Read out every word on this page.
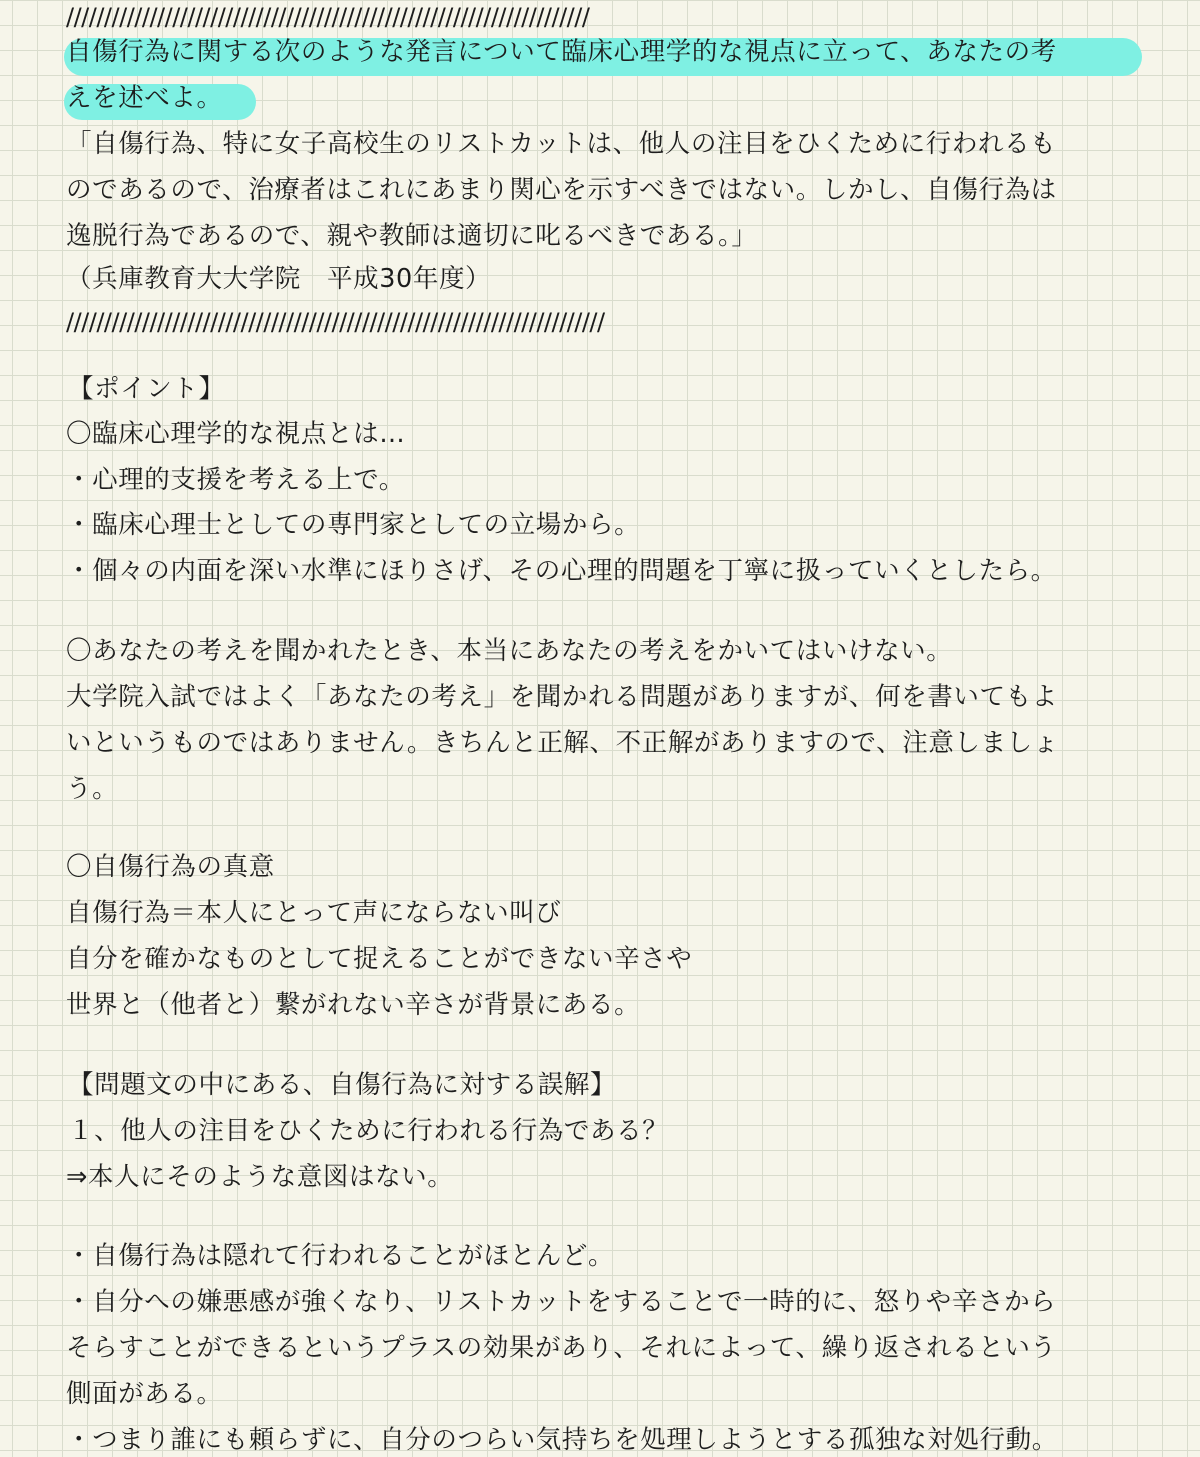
/////////////////////////////////////////////////////////////////////
自傷行為に関する次のような発言について臨床心理学的な視点に立って、あなたの考
えを述べよ。
「自傷行為、特に女子高校生のリストカットは、他人の注目をひくために行われるも
のであるので、治療者はこれにあまり関心を示すべきではない。しかし、自傷行為は
逸脱行為であるので、親や教師は適切に叱るべきである。」
（兵庫教育大大学院　平成30年度）
///////////////////////////////////////////////////////////////////////
【ポイント】
〇臨床心理学的な視点とは…
・心理的支援を考える上で。
・臨床心理士としての専門家としての立場から。
・個々の内面を深い水準にほりさげ、その心理的問題を丁寧に扱っていくとしたら。
〇あなたの考えを聞かれたとき、本当にあなたの考えをかいてはいけない。
大学院入試ではよく「あなたの考え」を聞かれる問題がありますが、何を書いてもよ
いというものではありません。きちんと正解、不正解がありますので、注意しましょ
う。
〇自傷行為の真意
自傷行為＝本人にとって声にならない叫び
自分を確かなものとして捉えることができない辛さや
世界と（他者と）繋がれない辛さが背景にある。
【問題文の中にある、自傷行為に対する誤解】
１、他人の注目をひくために行われる行為である？
⇒本人にそのような意図はない。
・自傷行為は隠れて行われることがほとんど。
・自分への嫌悪感が強くなり、リストカットをすることで一時的に、怒りや辛さから
そらすことができるというプラスの効果があり、それによって、繰り返されるという
側面がある。
・つまり誰にも頼らずに、自分のつらい気持ちを処理しようとする孤独な対処行動。
